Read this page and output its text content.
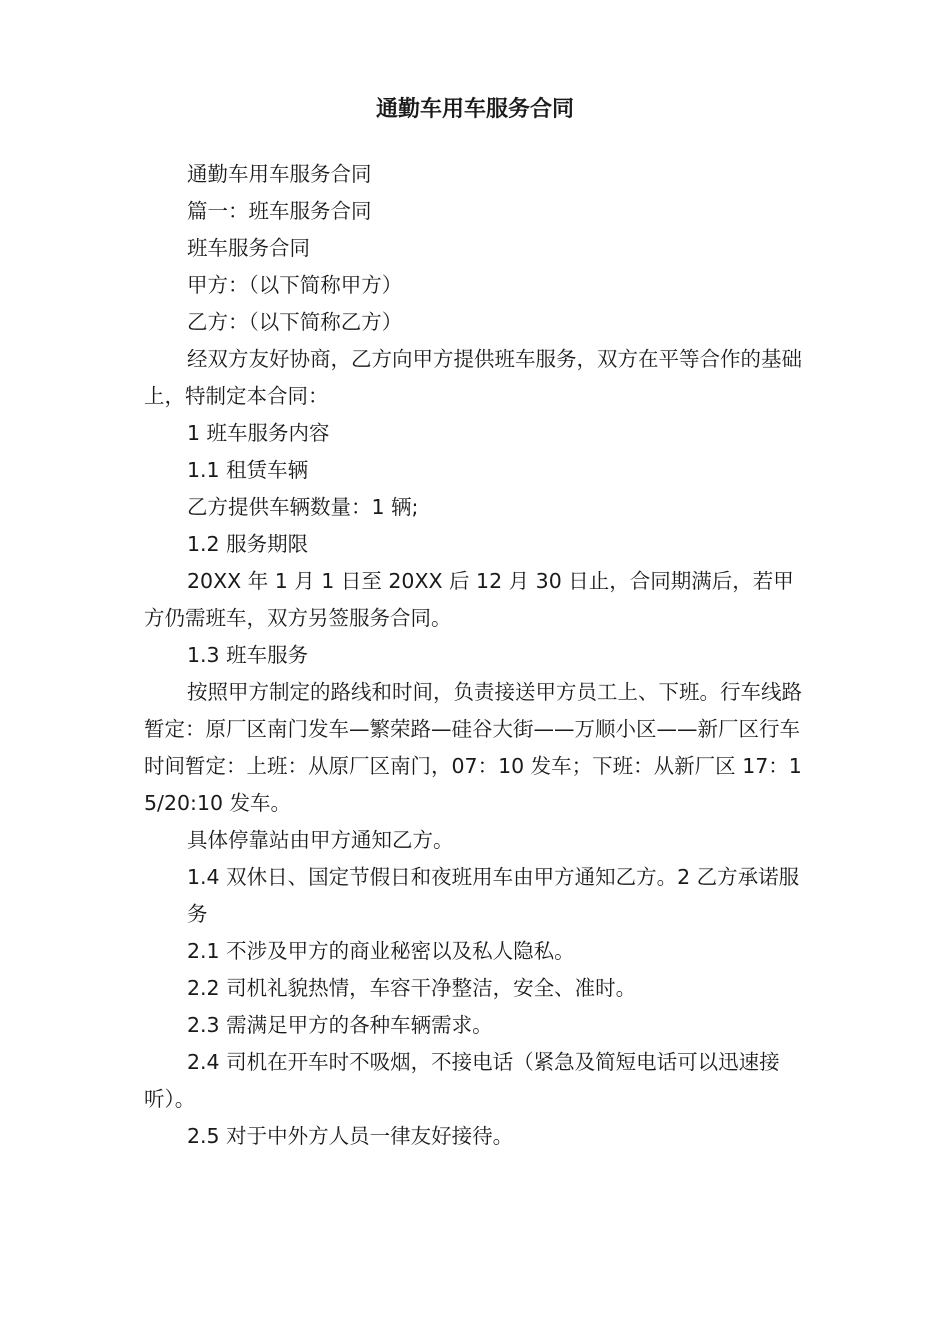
通勤车用车服务合同

通勤车用车服务合同

篇一：班车服务合同

班车服务合同

甲方：（以下简称甲方）

乙方：（以下简称乙方）

经双方友好协商，乙方向甲方提供班车服务，双方在平等合作的基础上，特制定本合同：

1 班车服务内容

1.1 租赁车辆

乙方提供车辆数量：1 辆;

1.2 服务期限

20XX 年 1 月 1 日至 20XX 后 12 月 30 日止，合同期满后，若甲方仍需班车，双方另签服务合同。

1.3 班车服务

按照甲方制定的路线和时间，负责接送甲方员工上、下班。行车线路暂定：原厂区南门发车—繁荣路—硅谷大街——万顺小区——新厂区行车时间暂定：上班：从原厂区南门，07：10 发车；下班：从新厂区 17：15/20:10 发车。

具体停靠站由甲方通知乙方。

1.4 双休日、国定节假日和夜班用车由甲方通知乙方。2 乙方承诺服

务

2.1 不涉及甲方的商业秘密以及私人隐私。

2.2 司机礼貌热情，车容干净整洁，安全、准时。

2.3 需满足甲方的各种车辆需求。

2.4 司机在开车时不吸烟，不接电话（紧急及简短电话可以迅速接听）。

2.5 对于中外方人员一律友好接待。
